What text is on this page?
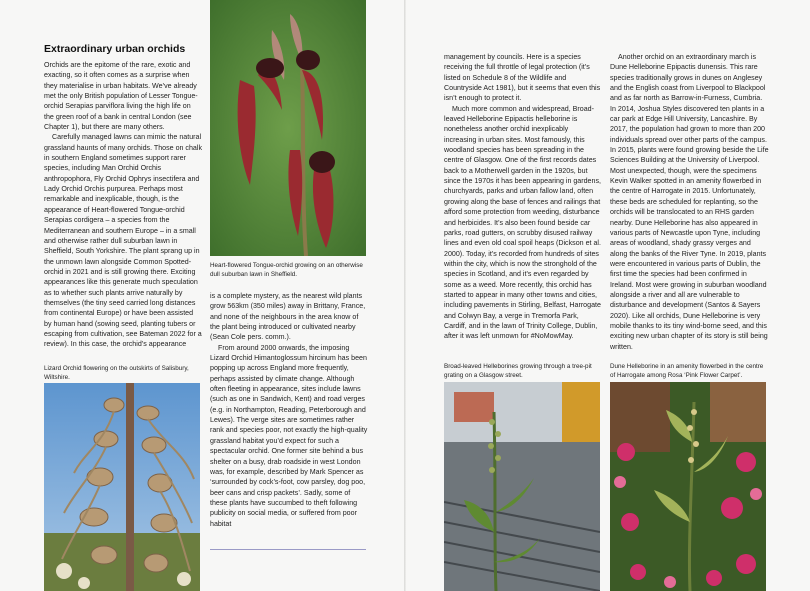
Extraordinary urban orchids

Orchids are the epitome of the rare, exotic and exacting, so it often comes as a surprise when they materialise in urban habitats. We’ve already met the only British population of Lesser Tongue-orchid Serapias parviflora living the high life on the green roof of a bank in central London (see Chapter 1), but there are many others.

Carefully managed lawns can mimic the natural grassland haunts of many orchids. Those on chalk in southern England sometimes support rarer species, including Man Orchid Orchis anthropophora, Fly Orchid Ophrys insectifera and Lady Orchid Orchis purpurea. Perhaps most remarkable and inexplicable, though, is the appearance of Heart-flowered Tongue-orchid Serapias cordigera – a species from the Mediterranean and southern Europe – in a small and otherwise rather dull suburban lawn in Sheffield, South Yorkshire. The plant sprang up in the unmown lawn alongside Common Spotted-orchid in 2021 and is still growing there. Exciting appearances like this generate much speculation as to whether such plants arrive naturally by themselves (the tiny seed carried long distances from continental Europe) or have been assisted by human hand (sowing seed, planting tubers or escaping from cultivation, see Bateman 2022 for a review). In this case, the orchid’s appearance

Lizard Orchid flowering on the outskirts of Salisbury, Wiltshire.
Heart-flowered Tongue-orchid growing on an otherwise dull suburban lawn in Sheffield.

is a complete mystery, as the nearest wild plants grow 563km (350 miles) away in Brittany, France, and none of the neighbours in the area know of the plant being introduced or cultivated nearby (Sean Cole pers. comm.).

From around 2000 onwards, the imposing Lizard Orchid Himantoglossum hircinum has been popping up across England more frequently, perhaps assisted by climate change. Although often fleeting in appearance, sites include lawns (such as one in Sandwich, Kent) and road verges (e.g. in Northampton, Reading, Peterborough and Lewes). The verge sites are sometimes rather rank and species poor, not exactly the high-quality grassland habitat you’d expect for such a spectacular orchid. One former site behind a bus shelter on a busy, drab roadside in west London was, for example, described by Mark Spencer as ‘surrounded by cock’s-foot, cow parsley, dog poo, beer cans and crisp packets’. Sadly, some of these plants have succumbed to theft following publicity on social media, or suffered from poor habitat

management by councils. Here is a species receiving the full throttle of legal protection (it’s listed on Schedule 8 of the Wildlife and Countryside Act 1981), but it seems that even this isn’t enough to protect it.

Much more common and widespread, Broad-leaved Helleborine Epipactis helleborine is nonetheless another orchid inexplicably increasing in urban sites. Most famously, this woodland species has been spreading in the centre of Glasgow. One of the first records dates back to a Motherwell garden in the 1920s, but since the 1970s it has been appearing in gardens, churchyards, parks and urban fallow land, often growing along the base of fences and railings that afford some protection from weeding, disturbance and herbicides. It’s also been found beside car parks, road gutters, on scrubby disused railway lines and even old coal spoil heaps (Dickson et al. 2000). Today, it’s recorded from hundreds of sites within the city, which is now the stronghold of the species in Scotland, and it’s even regarded by some as a weed. More recently, this orchid has started to appear in many other towns and cities, including pavements in Stirling, Belfast, Harrogate and Colwyn Bay, a verge in Tremorfa Park, Cardiff, and in the lawn of Trinity College, Dublin, after it was left unmown for #NoMowMay.

Broad-leaved Helleborines growing through a tree-pit grating on a Glasgow street.

Another orchid on an extraordinary march is Dune Helleborine Epipactis dunensis. This rare species traditionally grows in dunes on Anglesey and the English coast from Liverpool to Blackpool and as far north as Barrow-in-Furness, Cumbria. In 2014, Joshua Styles discovered ten plants in a car park at Edge Hill University, Lancashire. By 2017, the population had grown to more than 200 individuals spread over other parts of the campus. In 2015, plants were found growing beside the Life Sciences Building at the University of Liverpool. Most unexpected, though, were the specimens Kevin Walker spotted in an amenity flowerbed in the centre of Harrogate in 2015. Unfortunately, these beds are scheduled for replanting, so the orchids will be translocated to an RHS garden nearby. Dune Helleborine has also appeared in various parts of Newcastle upon Tyne, including areas of woodland, shady grassy verges and along the banks of the River Tyne. In 2019, plants were encountered in various parts of Dublin, the first time the species had been confirmed in Ireland. Most were growing in suburban woodland alongside a river and all are vulnerable to disturbance and development (Santos & Sayers 2020). Like all orchids, Dune Helleborine is very mobile thanks to its tiny wind-borne seed, and this exciting new urban chapter of its story is still being written.

Dune Helleborine in an amenity flowerbed in the centre of Harrogate among Rosa ‘Pink Flower Carpet’.
